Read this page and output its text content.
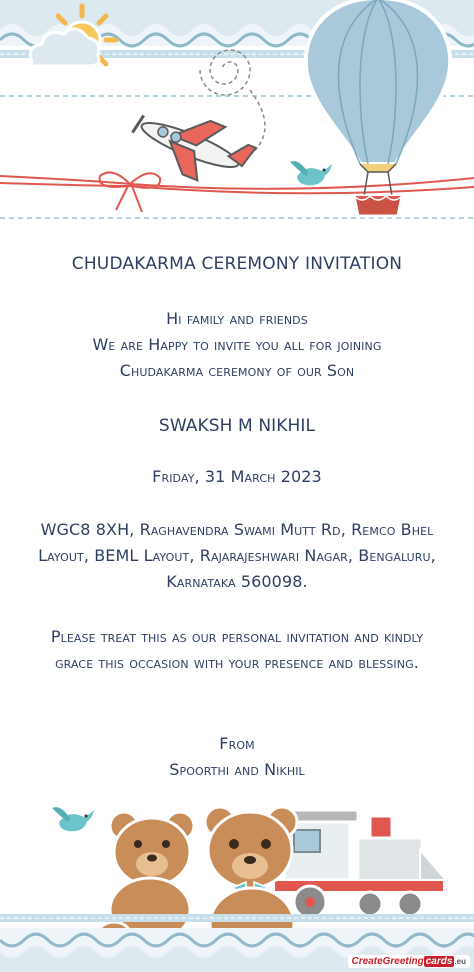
CHUDAKARMA CEREMONY INVITATION
Hi family and friends
We are Happy to invite you all for joining
Chudakarma ceremony of our Son
SWAKSH M NIKHIL
Friday, 31 March 2023
WGC8 8XH, Raghavendra Swami Mutt Rd, Remco Bhel
Layout, BEML Layout, Rajarajeshwari Nagar, Bengaluru,
Karnataka 560098.
Please treat this as our personal invitation and kindly
grace this occasion with your presence and blessing.
From
Spoorthi and Nikhil
CreateGreeting cards .eu
